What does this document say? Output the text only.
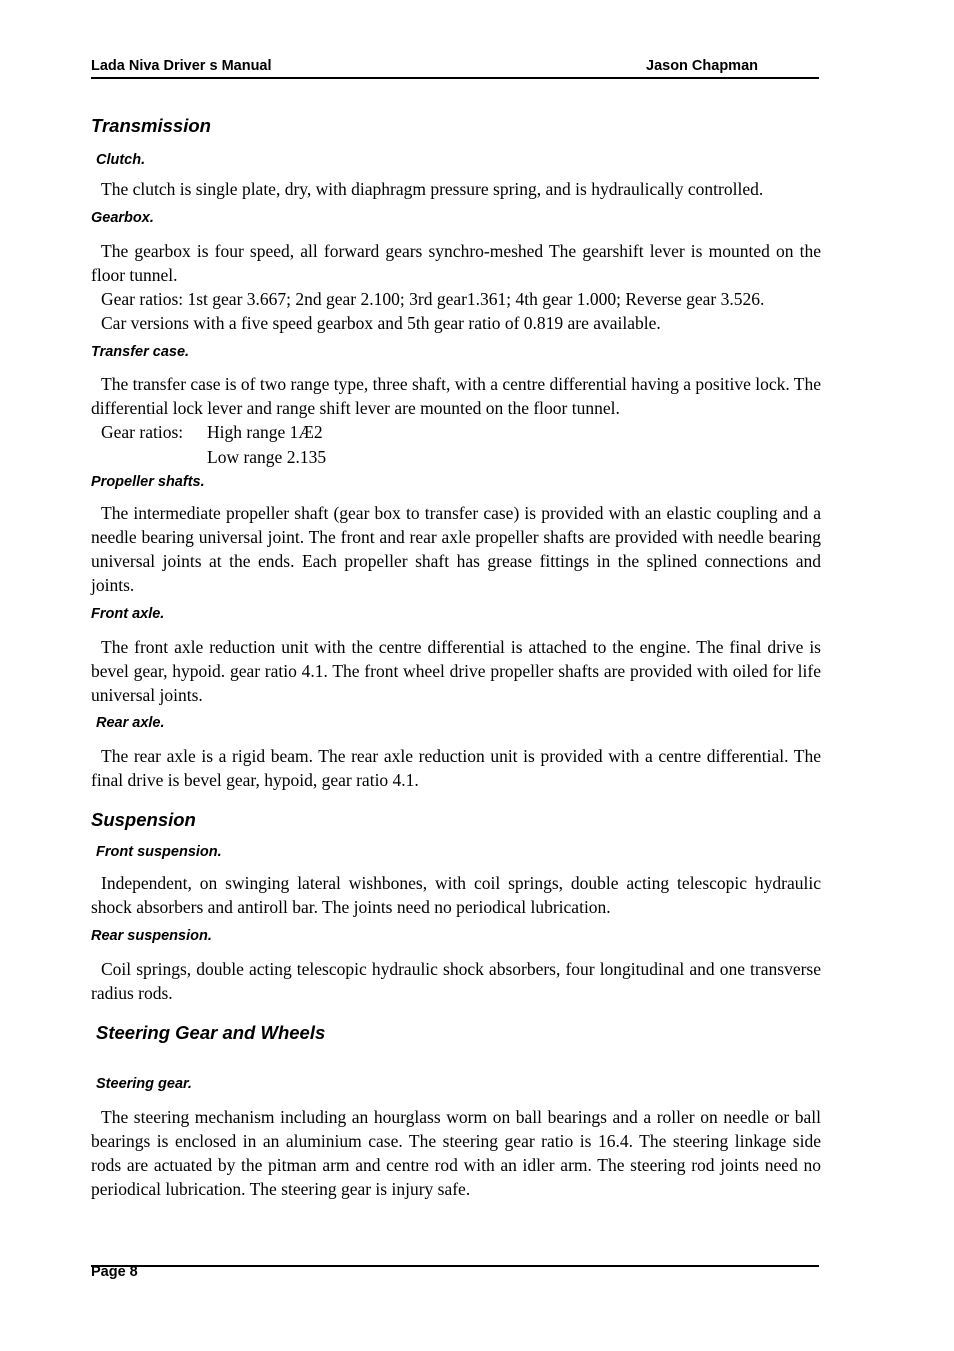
Lada Niva Driver s Manual	Jason Chapman
Transmission
Clutch.

The clutch is single plate, dry, with diaphragm pressure spring, and is hydraulically controlled.

Gearbox.

The gearbox is four speed, all forward gears synchro-meshed The gearshift lever is mounted on the floor tunnel.

Gear ratios: 1st gear 3.667; 2nd gear 2.100; 3rd gear1.361; 4th gear 1.000; Reverse gear 3.526.

Car versions with a five speed gearbox and 5th gear ratio of 0.819 are available.

Transfer case.

The transfer case is of two range type, three shaft, with a centre differential having a positive lock. The differential lock lever and range shift lever are mounted on the floor tunnel.

Gear ratios: High range 1Æ2
Low range 2.135
Propeller shafts.

The intermediate propeller shaft (gear box to transfer case) is provided with an elastic coupling and a needle bearing universal joint. The front and rear axle propeller shafts are provided with needle bearing universal joints at the ends. Each propeller shaft has grease fittings in the splined connections and joints.

Front axle.

The front axle reduction unit with the centre differential is attached to the engine. The final drive is bevel gear, hypoid. gear ratio 4.1. The front wheel drive propeller shafts are provided with oiled for life universal joints.

Rear axle.

The rear axle is a rigid beam. The rear axle reduction unit is provided with a centre differential. The final drive is bevel gear, hypoid, gear ratio 4.1.

Suspension
Front suspension.

Independent, on swinging lateral wishbones, with coil springs, double acting telescopic hydraulic shock absorbers and antiroll bar. The joints need no periodical lubrication.

Rear suspension.

Coil springs, double acting telescopic hydraulic shock absorbers, four longitudinal and one transverse radius rods.

Steering Gear and Wheels
Steering gear.

The steering mechanism including an hourglass worm on ball bearings and a roller on needle or ball bearings is enclosed in an aluminium case. The steering gear ratio is 16.4. The steering linkage side rods are actuated by the pitman arm and centre rod with an idler arm. The steering rod joints need no periodical lubrication. The steering gear is injury safe.

Page 8
